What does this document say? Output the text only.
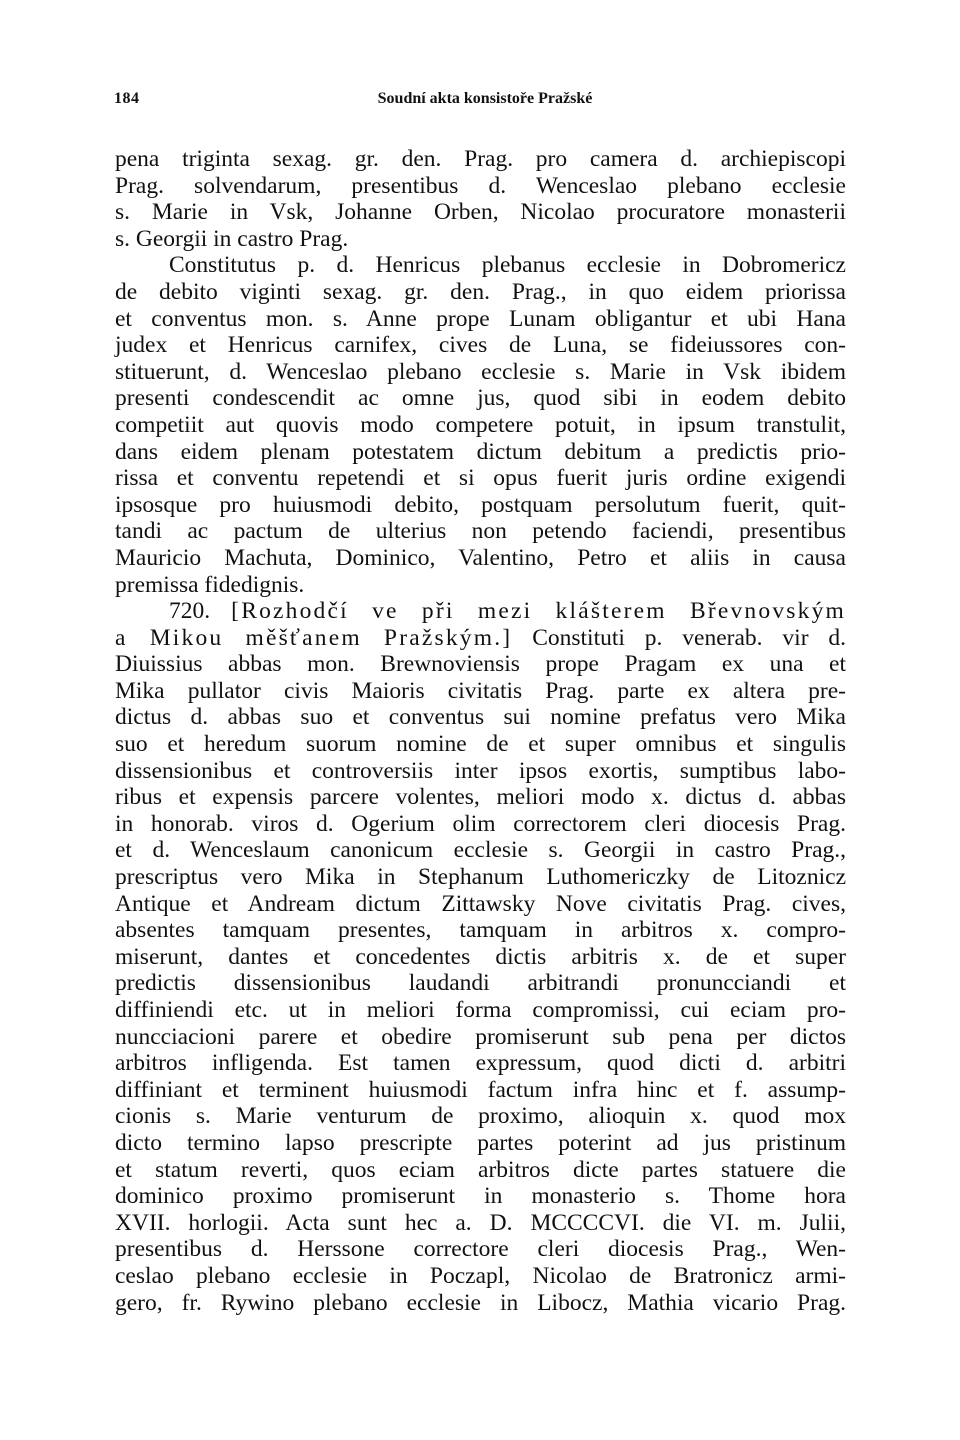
184	Soudní akta konsistoře Pražské
pena triginta sexag. gr. den. Prag. pro camera d. archiepiscopi
Prag. solvendarum, presentibus d. Wenceslao plebano ecclesie
s. Marie in Vsk, Johanne Orben, Nicolao procuratore monasterii
s. Georgii in castro Prag.
Constitutus p. d. Henricus plebanus ecclesie in Dobromericz
de debito viginti sexag. gr. den. Prag., in quo eidem priorissa
et conventus mon. s. Anne prope Lunam obligantur et ubi Hana
judex et Henricus carnifex, cives de Luna, se fideiussores con-
stituerunt, d. Wenceslao plebano ecclesie s. Marie in Vsk ibidem
presenti condescendit ac omne jus, quod sibi in eodem debito
competiit aut quovis modo competere potuit, in ipsum transtulit,
dans eidem plenam potestatem dictum debitum a predictis prio-
rissa et conventu repetendi et si opus fuerit juris ordine exigendi
ipsosque pro huiusmodi debito, postquam persolutum fuerit, quit-
tandi ac pactum de ulterius non petendo faciendi, presentibus
Mauricio Machuta, Dominico, Valentino, Petro et aliis in causa
premissa fidedignis.
720. [Rozhodčí ve při mezi klášterem Břevnovským
a Mikou měšťanem Pražským.] Constituti p. venerab. vir d.
Diuissius abbas mon. Brewnoviensis prope Pragam ex una et
Mika pullator civis Maioris civitatis Prag. parte ex altera pre-
dictus d. abbas suo et conventus sui nomine prefatus vero Mika
suo et heredum suorum nomine de et super omnibus et singulis
dissensionibus et controversiis inter ipsos exortis, sumptibus labo-
ribus et expensis parcere volentes, meliori modo x. dictus d. abbas
in honorab. viros d. Ogerium olim correctorem cleri diocesis Prag.
et d. Wenceslaum canonicum ecclesie s. Georgii in castro Prag.,
prescriptus vero Mika in Stephanum Luthomericzky de Litoznicz
Antique et Andream dictum Zittawsky Nove civitatis Prag. cives,
absentes tamquam presentes, tamquam in arbitros x. compro-
miserunt, dantes et concedentes dictis arbitris x. de et super
predictis dissensionibus laudandi arbitrandi pronuncciandi et
diffiniendi etc. ut in meliori forma compromissi, cui eciam pro-
nuncciacioni parere et obedire promiserunt sub pena per dictos
arbitros infligenda. Est tamen expressum, quod dicti d. arbitri
diffiniant et terminent huiusmodi factum infra hinc et f. assump-
cionis s. Marie venturum de proximo, alioquin x. quod mox
dicto termino lapso prescripte partes poterint ad jus pristinum
et statum reverti, quos eciam arbitros dicte partes statuere die
dominico proximo promiserunt in monasterio s. Thome hora
XVII. horlogii. Acta sunt hec a. D. MCCCCVI. die VI. m. Julii,
presentibus d. Herssone correctore cleri diocesis Prag., Wen-
ceslao plebano ecclesie in Poczapl, Nicolao de Bratronicz armi-
gero, fr. Rywino plebano ecclesie in Libocz, Mathia vicario Prag.
